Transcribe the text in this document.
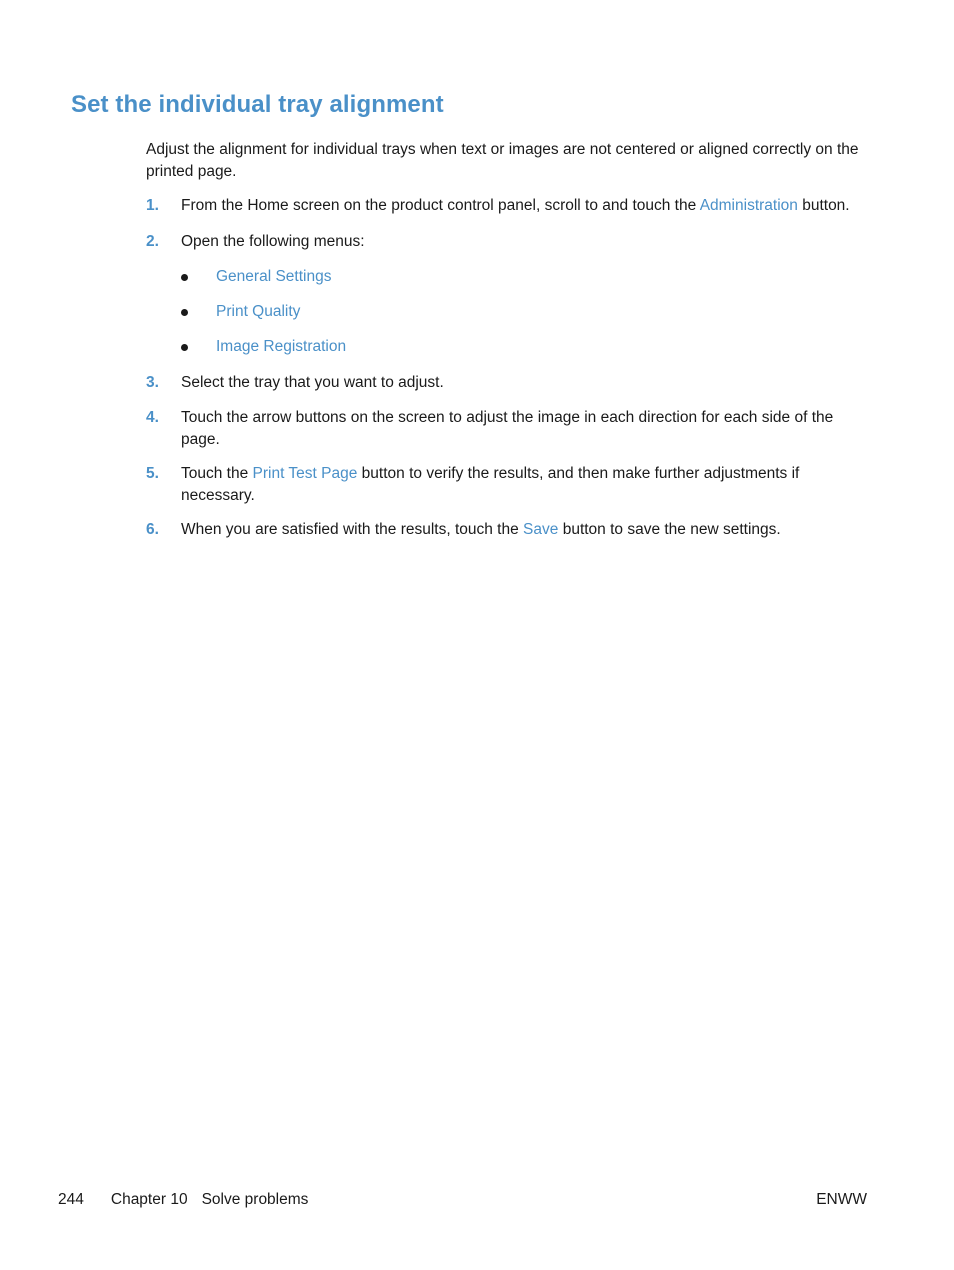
Set the individual tray alignment

Adjust the alignment for individual trays when text or images are not centered or aligned correctly on the printed page.

1. From the Home screen on the product control panel, scroll to and touch the Administration button.
2. Open the following menus:
General Settings
Print Quality
Image Registration
3. Select the tray that you want to adjust.
4. Touch the arrow buttons on the screen to adjust the image in each direction for each side of the page.
5. Touch the Print Test Page button to verify the results, and then make further adjustments if necessary.
6. When you are satisfied with the results, touch the Save button to save the new settings.
244 Chapter 10 Solve problems	ENWW
